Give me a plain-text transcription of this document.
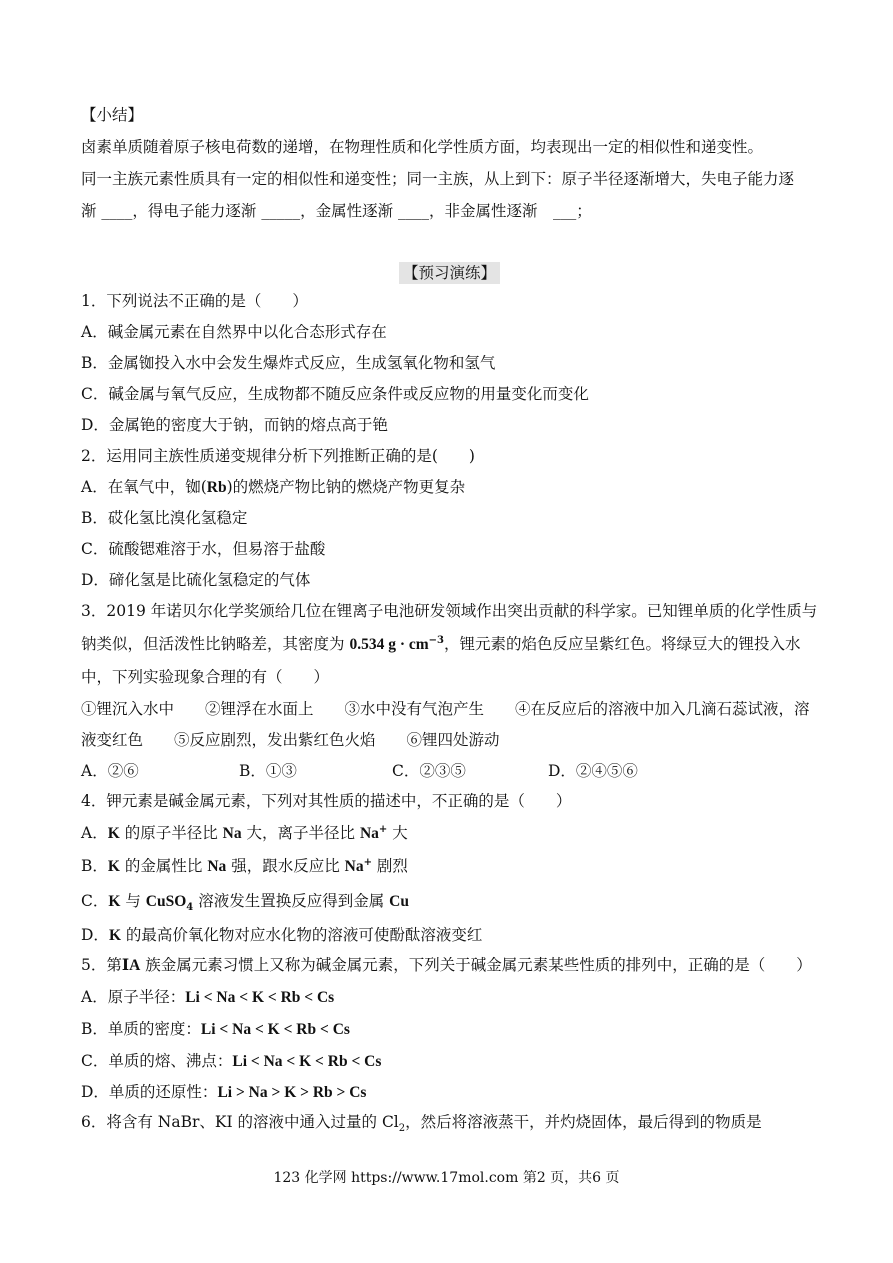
【小结】
卤素单质随着原子核电荷数的递增，在物理性质和化学性质方面，均表现出一定的相似性和递变性。
同一主族元素性质具有一定的相似性和递变性；同一主族，从上到下：原子半径逐渐增大，失电子能力逐
渐 ____，得电子能力逐渐 _____，金属性逐渐 ____，非金属性逐渐　___；
【预习演练】
1．下列说法不正确的是（　　）
A．碱金属元素在自然界中以化合态形式存在
B．金属铷投入水中会发生爆炸式反应，生成氢氧化物和氢气
C．碱金属与氧气反应，生成物都不随反应条件或反应物的用量变化而变化
D．金属铯的密度大于钠，而钠的熔点高于铯
2．运用同主族性质递变规律分析下列推断正确的是(　　)
A．在氧气中，铷(Rb)的燃烧产物比钠的燃烧产物更复杂
B．砹化氢比溴化氢稳定
C．硫酸锶难溶于水，但易溶于盐酸
D．碲化氢是比硫化氢稳定的气体
3．2019 年诺贝尔化学奖颁给几位在锂离子电池研发领域作出突出贡献的科学家。已知锂单质的化学性质与
钠类似，但活泼性比钠略差，其密度为 0.534 $g \cdot cm^{-3}$，锂元素的焰色反应呈紫红色。将绿豆大的锂投入水
中，下列实验现象合理的有（　　）
①锂沉入水中　　②锂浮在水面上　　③水中没有气泡产生　　④在反应后的溶液中加入几滴石蕊试液，溶
液变红色　　⑤反应剧烈，发出紫红色火焰　　⑥锂四处游动
A．②⑥	B．①③	C．②③⑤	D．②④⑤⑥
4．钾元素是碱金属元素，下列对其性质的描述中，不正确的是（　　）
A．K 的原子半径比 Na 大，离子半径比 Na+ 大
B．K 的金属性比 Na 强，跟水反应比 Na+ 剧烈
C．K 与 CuSO$_4$ 溶液发生置换反应得到金属 Cu
D．K 的最高价氧化物对应水化物的溶液可使酚酞溶液变红
5．第ⅠA 族金属元素习惯上又称为碱金属元素，下列关于碱金属元素某些性质的排列中，正确的是（　　）
A．原子半径：Li < Na < K < Rb < Cs
B．单质的密度：Li < Na < K < Rb < Cs
C．单质的熔、沸点：Li < Na < K < Rb < Cs
D．单质的还原性：Li > Na > K > Rb > Cs
6．将含有 NaBr、KI 的溶液中通入过量的 $Cl_2$，然后将溶液蒸干，并灼烧固体，最后得到的物质是
123 化学网 https://www.17mol.com 第2 页，共6 页
